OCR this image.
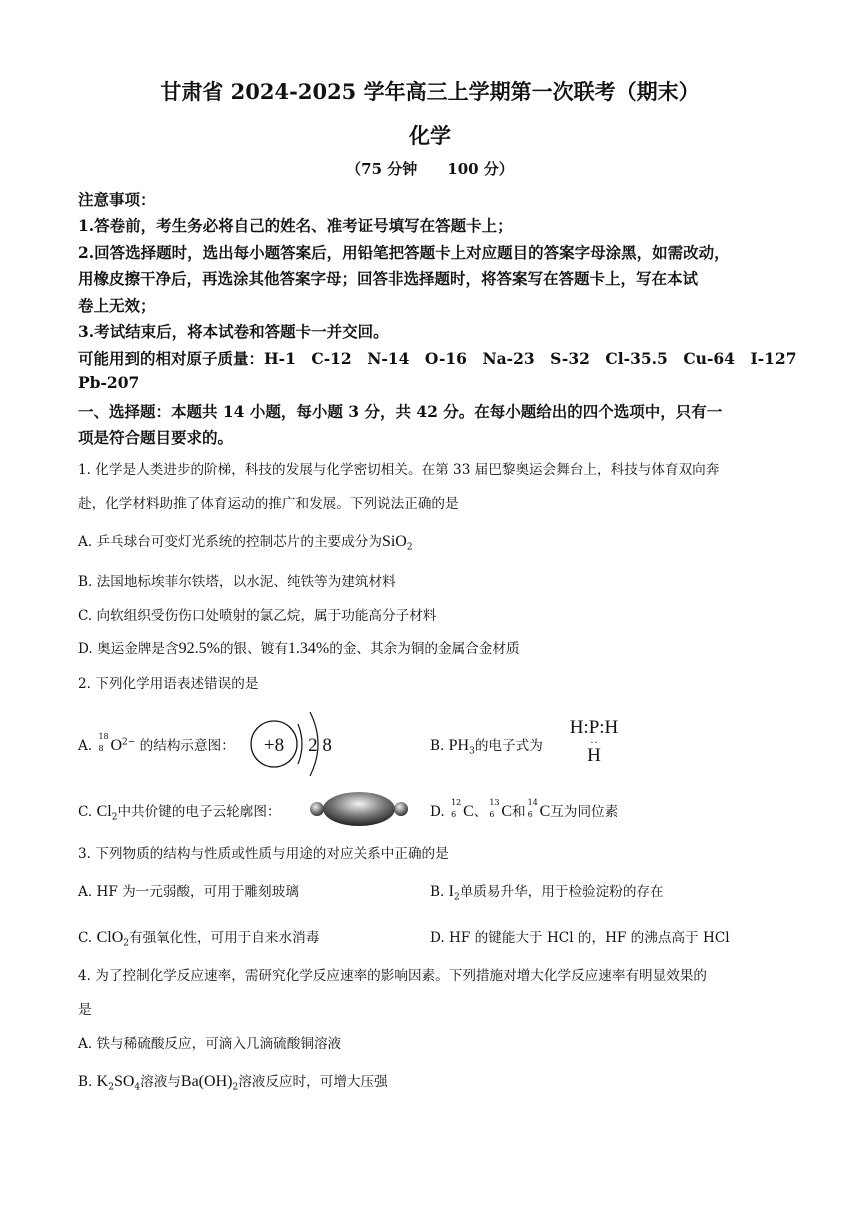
甘肃省 2024-2025 学年高三上学期第一次联考（期末）
化学
（75 分钟　　100 分）
注意事项：
1.答卷前，考生务必将自己的姓名、准考证号填写在答题卡上；
2.回答选择题时，选出每小题答案后，用铅笔把答题卡上对应题目的答案字母涂黑，如需改动，
用橡皮擦干净后，再选涂其他答案字母；回答非选择题时，将答案写在答题卡上，写在本试
卷上无效；
3.考试结束后，将本试卷和答题卡一并交回。
可能用到的相对原子质量：H-1　C-12　N-14　O-16　Na-23　S-32　Cl-35.5　Cu-64　I-127
Pb-207
一、选择题：本题共 14 小题，每小题 3 分，共 42 分。在每小题给出的四个选项中，只有一
项是符合题目要求的。
1. 化学是人类进步的阶梯，科技的发展与化学密切相关。在第 33 届巴黎奥运会舞台上，科技与体育双向奔
赴，化学材料助推了体育运动的推广和发展。下列说法正确的是
A. 乒乓球台可变灯光系统的控制芯片的主要成分为SiO$_2$
B. 法国地标埃菲尔铁塔，以水泥、纯铁等为建筑材料
C. 向软组织受伤伤口处喷射的氯乙烷，属于功能高分子材料
D. 奥运金牌是含92.5%的银、镀有1.34%的金、其余为铜的金属合金材质
2. 下列化学用语表述错误的是
A.
18
8 $O^{2-}$ 的结构示意图：	+8 2 8	B. $PH_3$的电子式为
H:P:H
··
H
C. $Cl_2$中共价键的电子云轮廓图：	D.
12
6 C、
13
6 C和
14
6 C互为同位素
3. 下列物质的结构与性质或性质与用途的对应关系中正确的是
A. HF 为一元弱酸，可用于雕刻玻璃	B. $I_2$单质易升华，用于检验淀粉的存在
C. ClO$_2$有强氧化性，可用于自来水消毒	D. HF 的键能大于 HCl 的，HF 的沸点高于 HCl
4. 为了控制化学反应速率，需研究化学反应速率的影响因素。下列措施对增大化学反应速率有明显效果的
是
A. 铁与稀硫酸反应，可滴入几滴硫酸铜溶液
B. $K_2SO_4$溶液与$Ba(OH)_2$溶液反应时，可增大压强
